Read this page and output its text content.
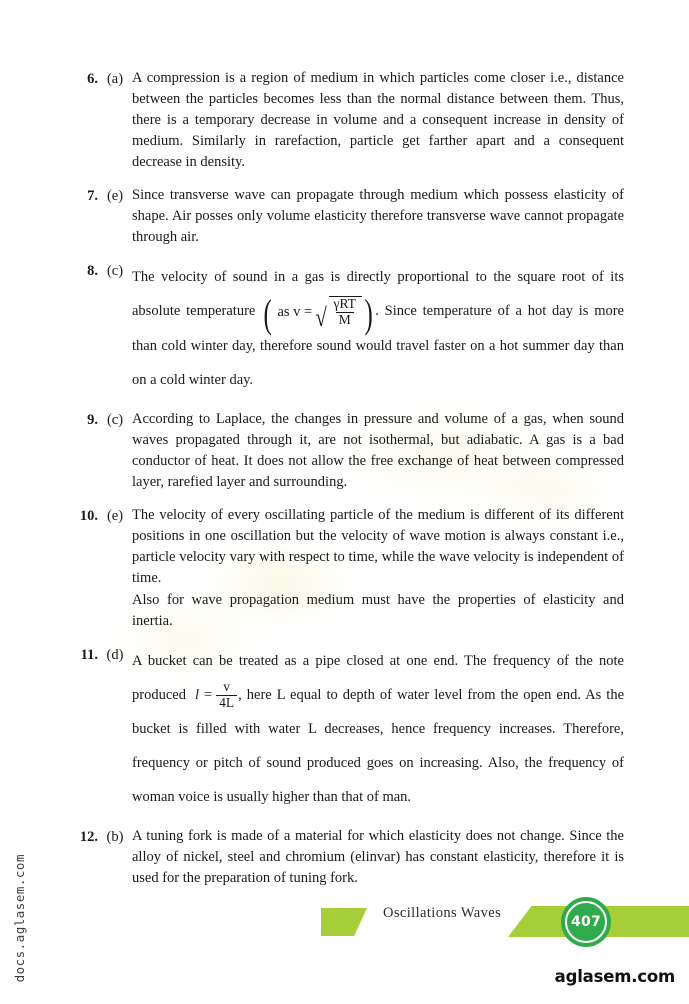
docs.aglasem.com
6. (a) A compression is a region of medium in which particles come closer i.e., distance between the particles becomes less than the normal distance between them. Thus, there is a temporary decrease in volume and a consequent increase in density of medium. Similarly in rarefaction, particle get farther apart and a consequent decrease in density.

7. (e) Since transverse wave can propagate through medium which possess elasticity of shape. Air posses only volume elasticity therefore transverse wave cannot propagate through air.

8. (c) The velocity of sound in a gas is directly proportional to the square root of its absolute temperature ( as v = √ $\frac{\text{γRT}}{M}$ ) . Since temperature of a hot day is more than cold winter day, therefore sound would travel faster on a hot summer day than on a cold winter day.
9. (c) According to Laplace, the changes in pressure and volume of a gas, when sound waves propagated through it, are not isothermal, but adiabatic. A gas is a bad conductor of heat. It does not allow the free exchange of heat between compressed layer, rarefied layer and surrounding.

10. (e) The velocity of every oscillating particle of the medium is different of its different positions in one oscillation but the velocity of wave motion is always constant i.e., particle velocity vary with respect to time, while the wave velocity is independent of time.

Also for wave propagation medium must have the properties of elasticity and inertia.

11. (d) A bucket can be treated as a pipe closed at one end. The frequency of the note produced $l = \frac{v}{4L}$ , here L equal to depth of water level from the open end. As the bucket is filled with water L decreases, hence frequency increases. Therefore, frequency or pitch of sound produced goes on increasing. Also, the frequency of woman voice is usually higher than that of man.
12. (b) A tuning fork is made of a material for which elasticity does not change. Since the alloy of nickel, steel and chromium (elinvar) has constant elasticity, therefore it is used for the preparation of tuning fork.

Oscillations Waves
407
aglasem.com
